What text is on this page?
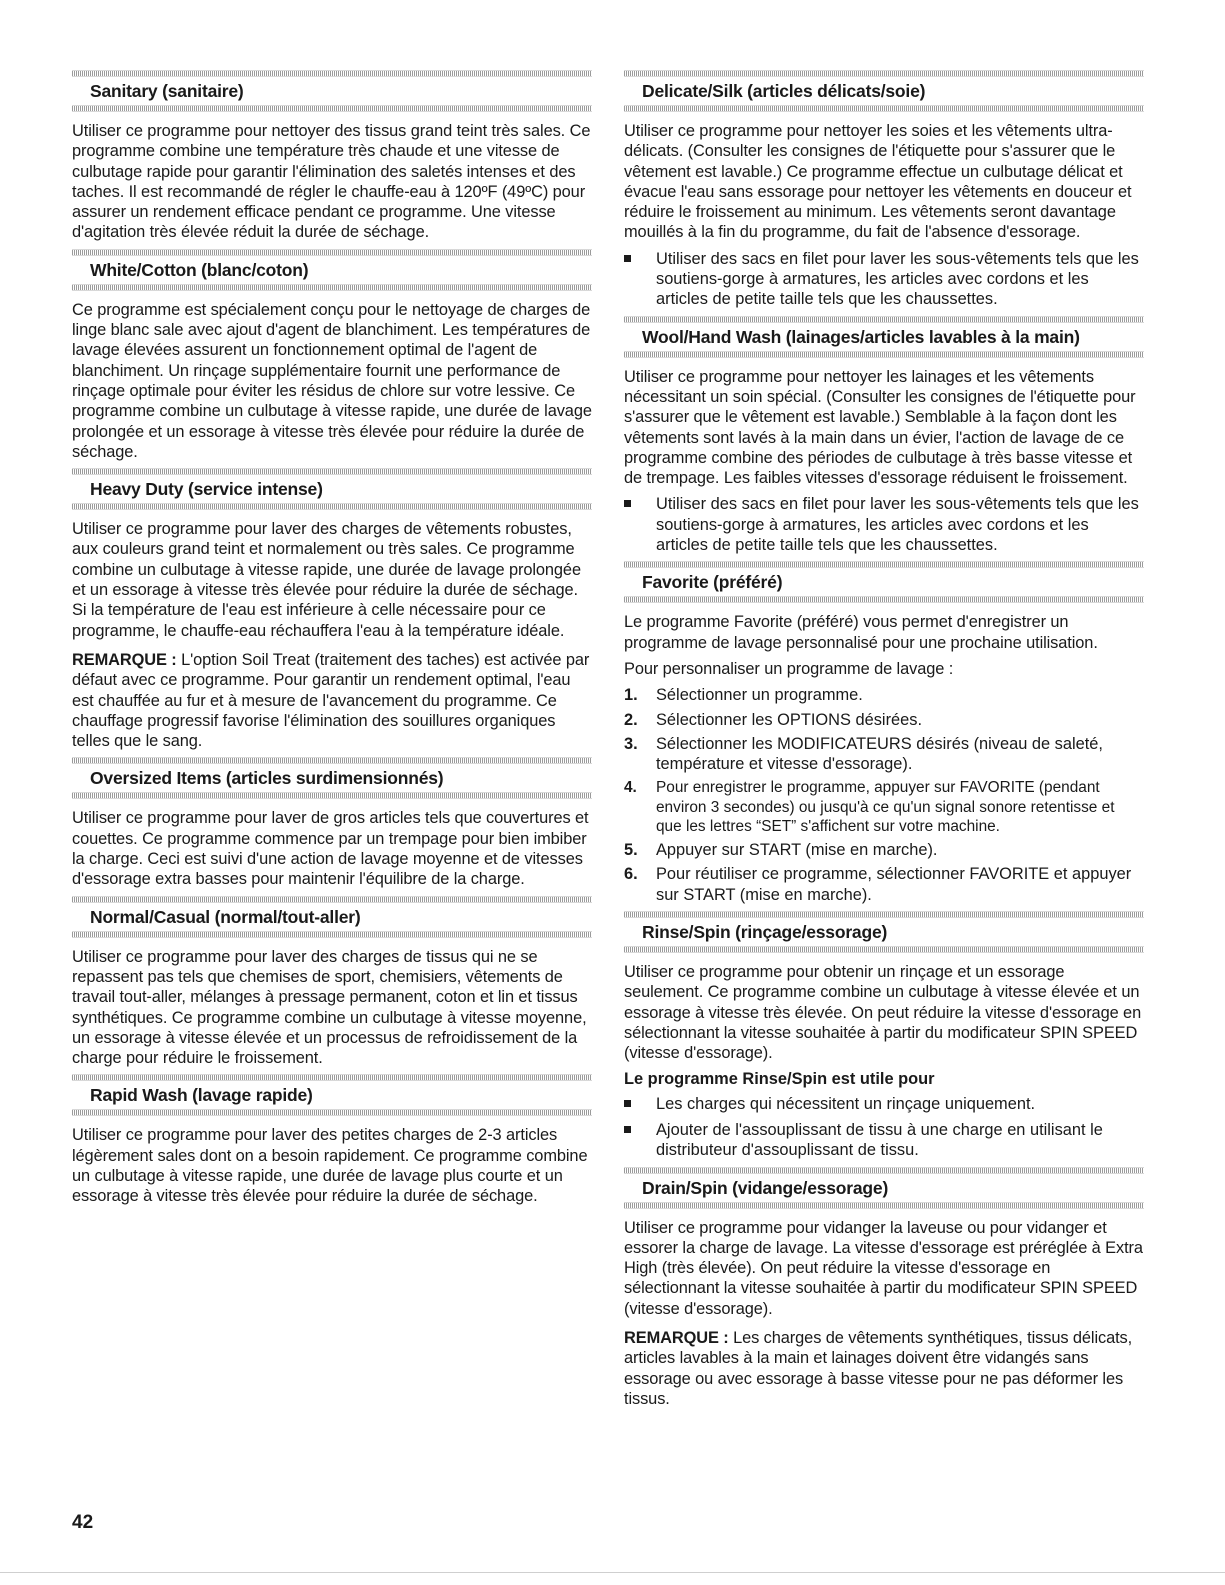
Sanitary (sanitaire)

Utiliser ce programme pour nettoyer des tissus grand teint très sales. Ce programme combine une température très chaude et une vitesse de culbutage rapide pour garantir l'élimination des saletés intenses et des taches. Il est recommandé de régler le chauffe-eau à 120ºF (49ºC) pour assurer un rendement efficace pendant ce programme. Une vitesse d'agitation très élevée réduit la durée de séchage.

White/Cotton (blanc/coton)

Ce programme est spécialement conçu pour le nettoyage de charges de linge blanc sale avec ajout d'agent de blanchiment. Les températures de lavage élevées assurent un fonctionnement optimal de l'agent de blanchiment. Un rinçage supplémentaire fournit une performance de rinçage optimale pour éviter les résidus de chlore sur votre lessive. Ce programme combine un culbutage à vitesse rapide, une durée de lavage prolongée et un essorage à vitesse très élevée pour réduire la durée de séchage.

Heavy Duty (service intense)

Utiliser ce programme pour laver des charges de vêtements robustes, aux couleurs grand teint et normalement ou très sales. Ce programme combine un culbutage à vitesse rapide, une durée de lavage prolongée et un essorage à vitesse très élevée pour réduire la durée de séchage. Si la température de l'eau est inférieure à celle nécessaire pour ce programme, le chauffe-eau réchauffera l'eau à la température idéale.

REMARQUE : L'option Soil Treat (traitement des taches) est activée par défaut avec ce programme. Pour garantir un rendement optimal, l'eau est chauffée au fur et à mesure de l'avancement du programme. Ce chauffage progressif favorise l'élimination des souillures organiques telles que le sang.

Oversized Items (articles surdimensionnés)

Utiliser ce programme pour laver de gros articles tels que couvertures et couettes. Ce programme commence par un trempage pour bien imbiber la charge. Ceci est suivi d'une action de lavage moyenne et de vitesses d'essorage extra basses pour maintenir l'équilibre de la charge.

Normal/Casual (normal/tout-aller)

Utiliser ce programme pour laver des charges de tissus qui ne se repassent pas tels que chemises de sport, chemisiers, vêtements de travail tout-aller, mélanges à pressage permanent, coton et lin et tissus synthétiques. Ce programme combine un culbutage à vitesse moyenne, un essorage à vitesse élevée et un processus de refroidissement de la charge pour réduire le froissement.

Rapid Wash (lavage rapide)

Utiliser ce programme pour laver des petites charges de 2-3 articles légèrement sales dont on a besoin rapidement. Ce programme combine un culbutage à vitesse rapide, une durée de lavage plus courte et un essorage à vitesse très élevée pour réduire la durée de séchage.

Delicate/Silk (articles délicats/soie)

Utiliser ce programme pour nettoyer les soies et les vêtements ultra-délicats. (Consulter les consignes de l'étiquette pour s'assurer que le vêtement est lavable.) Ce programme effectue un culbutage délicat et évacue l'eau sans essorage pour nettoyer les vêtements en douceur et réduire le froissement au minimum. Les vêtements seront davantage mouillés à la fin du programme, du fait de l'absence d'essorage.

Utiliser des sacs en filet pour laver les sous-vêtements tels que les soutiens-gorge à armatures, les articles avec cordons et les articles de petite taille tels que les chaussettes.
Wool/Hand Wash (lainages/articles lavables à la main)

Utiliser ce programme pour nettoyer les lainages et les vêtements nécessitant un soin spécial. (Consulter les consignes de l'étiquette pour s'assurer que le vêtement est lavable.) Semblable à la façon dont les vêtements sont lavés à la main dans un évier, l'action de lavage de ce programme combine des périodes de culbutage à très basse vitesse et de trempage. Les faibles vitesses d'essorage réduisent le froissement.

Utiliser des sacs en filet pour laver les sous-vêtements tels que les soutiens-gorge à armatures, les articles avec cordons et les articles de petite taille tels que les chaussettes.
Favorite (préféré)

Le programme Favorite (préféré) vous permet d'enregistrer un programme de lavage personnalisé pour une prochaine utilisation.

Pour personnaliser un programme de lavage :

1. Sélectionner un programme.
2. Sélectionner les OPTIONS désirées.
3. Sélectionner les MODIFICATEURS désirés (niveau de saleté, température et vitesse d'essorage).
4. Pour enregistrer le programme, appuyer sur FAVORITE (pendant environ 3 secondes) ou jusqu'à ce qu'un signal sonore retentisse et que les lettres “SET” s'affichent sur votre machine.
5. Appuyer sur START (mise en marche).
6. Pour réutiliser ce programme, sélectionner FAVORITE et appuyer sur START (mise en marche).
Rinse/Spin (rinçage/essorage)

Utiliser ce programme pour obtenir un rinçage et un essorage seulement. Ce programme combine un culbutage à vitesse élevée et un essorage à vitesse très élevée. On peut réduire la vitesse d'essorage en sélectionnant la vitesse souhaitée à partir du modificateur SPIN SPEED (vitesse d'essorage).

Le programme Rinse/Spin est utile pour
Les charges qui nécessitent un rinçage uniquement.
Ajouter de l'assouplissant de tissu à une charge en utilisant le distributeur d'assouplissant de tissu.
Drain/Spin (vidange/essorage)

Utiliser ce programme pour vidanger la laveuse ou pour vidanger et essorer la charge de lavage. La vitesse d'essorage est préréglée à Extra High (très élevée). On peut réduire la vitesse d'essorage en sélectionnant la vitesse souhaitée à partir du modificateur SPIN SPEED (vitesse d'essorage).

REMARQUE : Les charges de vêtements synthétiques, tissus délicats, articles lavables à la main et lainages doivent être vidangés sans essorage ou avec essorage à basse vitesse pour ne pas déformer les tissus.

42
